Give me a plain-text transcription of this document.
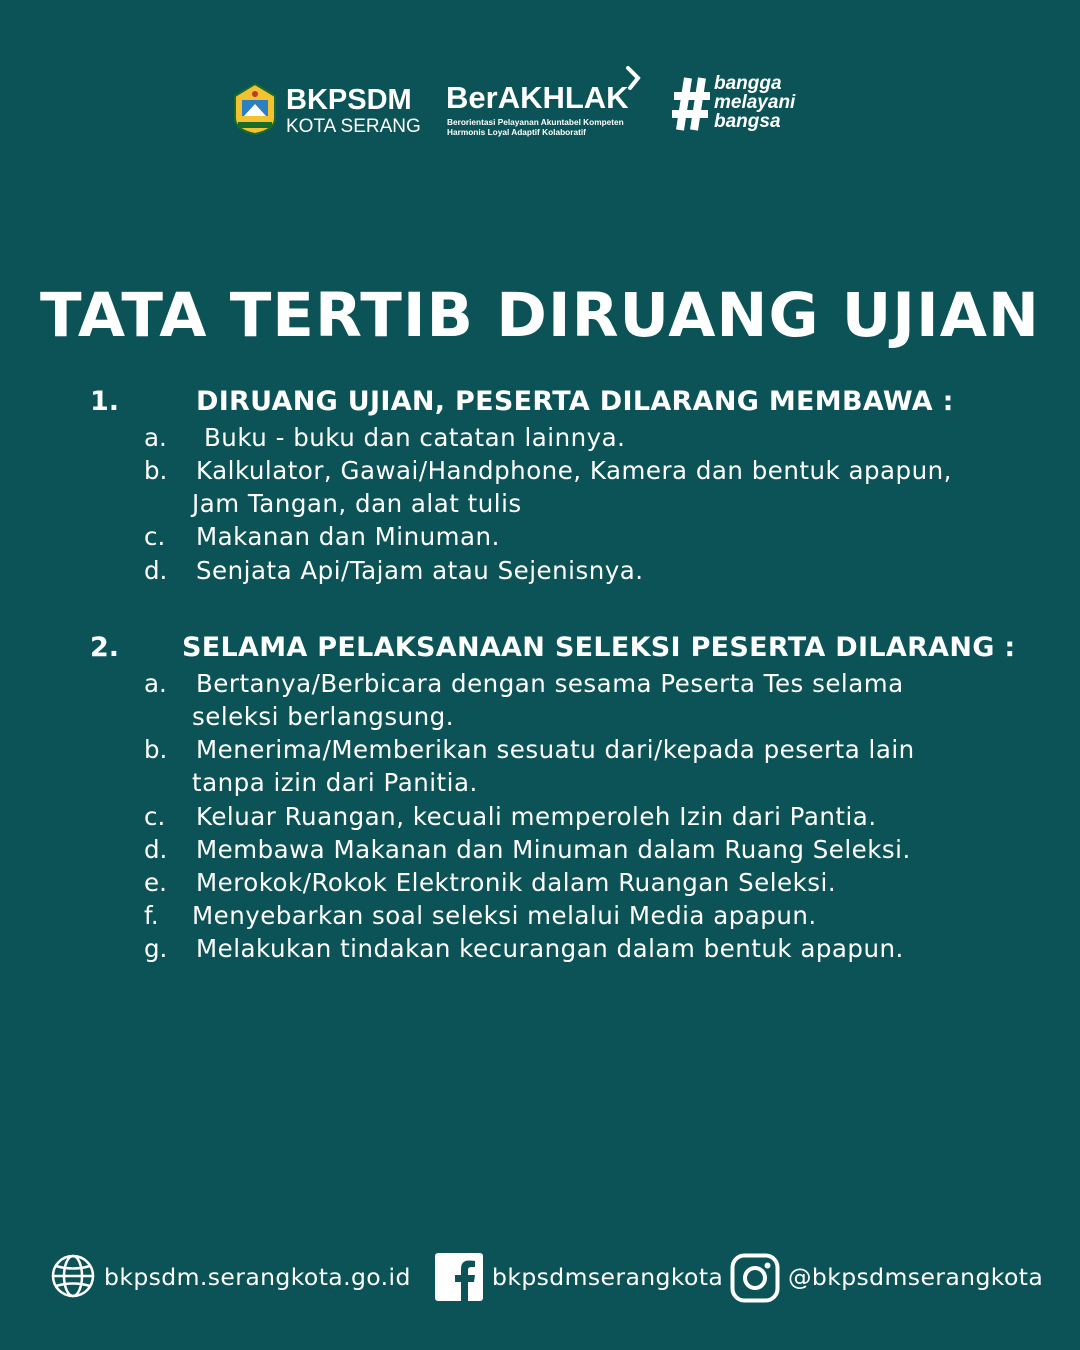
BKPSDM
KOTA SERANG
BerAKHLAK
Berorientasi Pelayanan Akuntabel Kompeten
Harmonis Loyal Adaptif Kolaboratif
bangga
melayani
bangsa
TATA TERTIB DIRUANG UJIAN
1.	DIRUANG UJIAN, PESERTA DILARANG MEMBAWA :
a. Buku - buku dan catatan lainnya.
b. Kalkulator, Gawai/Handphone, Kamera dan bentuk apapun,
Jam Tangan, dan alat tulis
c. Makanan dan Minuman.
d. Senjata Api/Tajam atau Sejenisnya.
2. SELAMA PELAKSANAAN SELEKSI PESERTA DILARANG :
a. Bertanya/Berbicara dengan sesama Peserta Tes selama
seleksi berlangsung.
b. Menerima/Memberikan sesuatu dari/kepada peserta lain
tanpa izin dari Panitia.
c. Keluar Ruangan, kecuali memperoleh Izin dari Pantia.
d. Membawa Makanan dan Minuman dalam Ruang Seleksi.
e. Merokok/Rokok Elektronik dalam Ruangan Seleksi.
f. Menyebarkan soal seleksi melalui Media apapun.
g. Melakukan tindakan kecurangan dalam bentuk apapun.
bkpsdm.serangkota.go.id	bkpsdmserangkota	@bkpsdmserangkota
